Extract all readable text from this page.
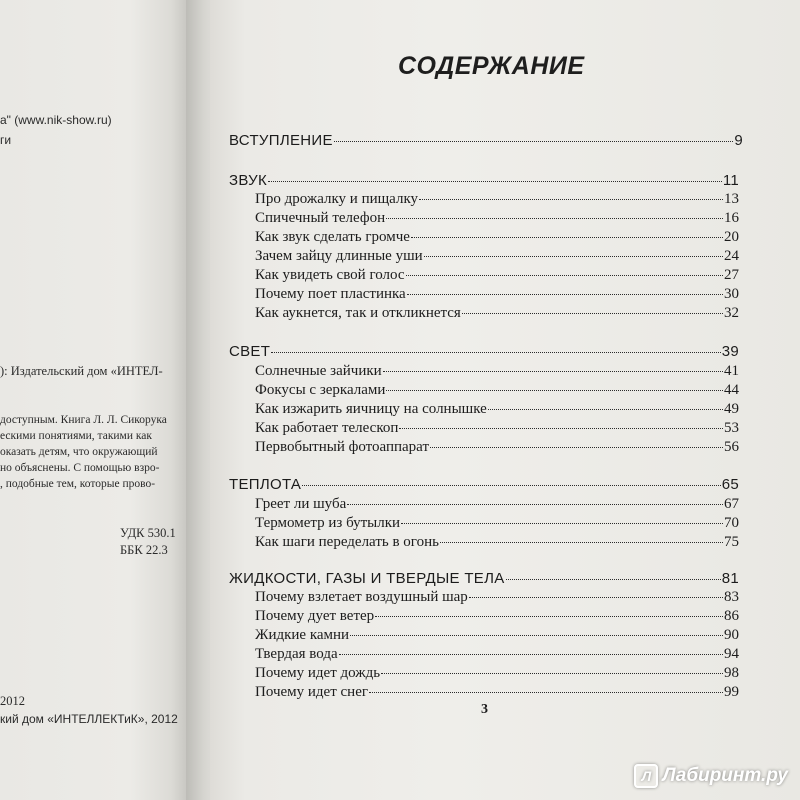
а" (www.nik-show.ru)
ги
): Издательский дом «ИНТЕЛ-
доступным. Книга Л. Л. Сикорука
ескими понятиями, такими как
оказать детям, что окружающий
но объяснены. С помощью взро-
, подобные тем, которые прово-
УДК 530.1
ББК 22.3
2012
кий дом «ИНТЕЛЛЕКТиК», 2012
СОДЕРЖАНИЕ
ВСТУПЛЕНИЕ	9
ЗВУК	11
Про дрожалку и пищалку	13
Спичечный телефон	16
Как звук сделать громче	20
Зачем зайцу длинные уши	24
Как увидеть свой голос	27
Почему поет пластинка	30
Как аукнется, так и откликнется	32
СВЕТ	39
Солнечные зайчики	41
Фокусы с зеркалами	44
Как изжарить яичницу на солнышке	49
Как работает телескоп	53
Первобытный фотоаппарат	56
ТЕПЛОТА	65
Греет ли шуба	67
Термометр из бутылки	70
Как шаги переделать в огонь	75
ЖИДКОСТИ, ГАЗЫ И ТВЕРДЫЕ ТЕЛА	81
Почему взлетает воздушный шар	83
Почему дует ветер	86
Жидкие камни	90
Твердая вода	94
Почему идет дождь	98
Почему идет снег	99
3
Л Лабиринт.ру
